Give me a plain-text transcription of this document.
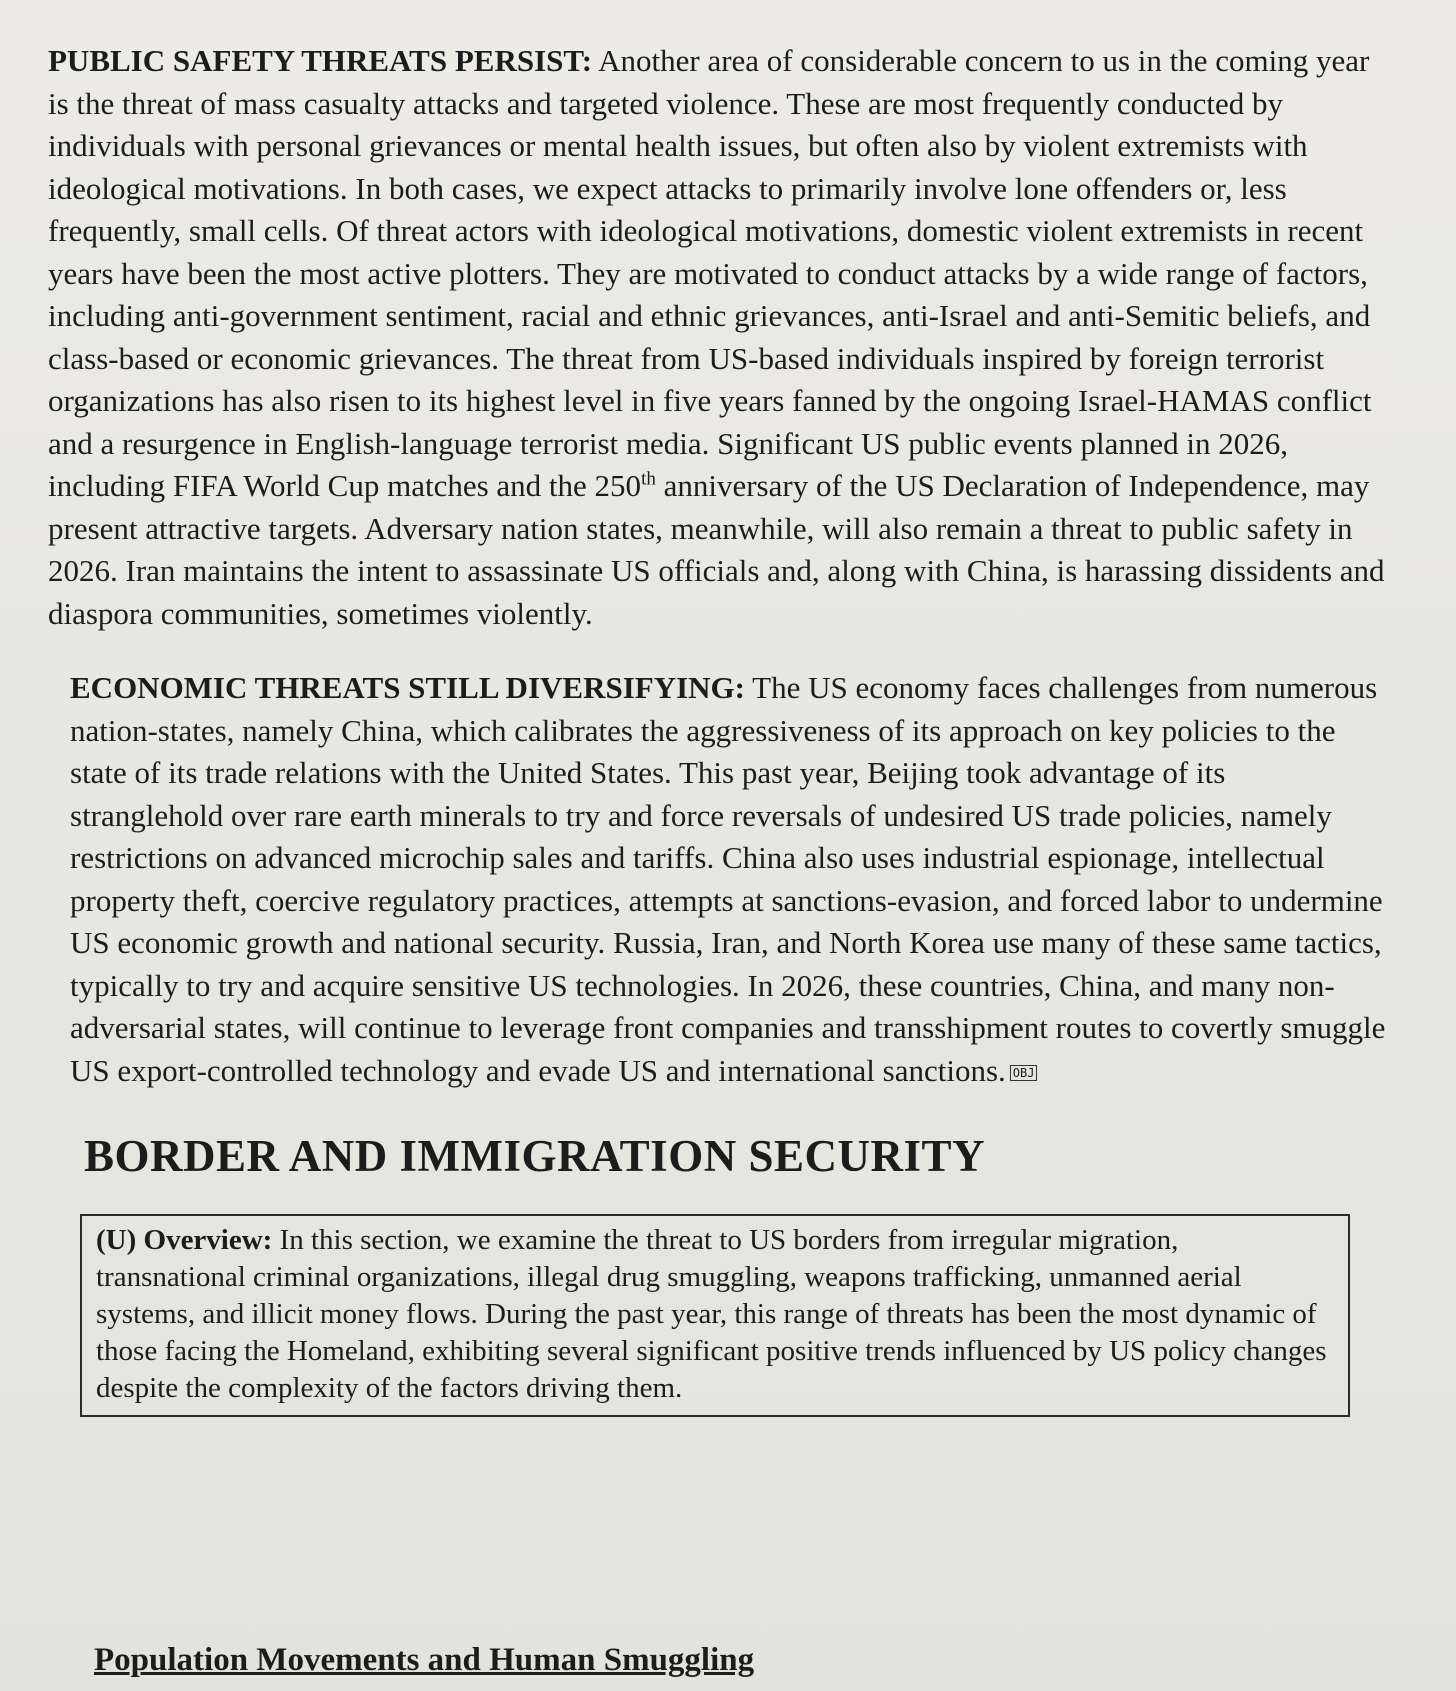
PUBLIC SAFETY THREATS PERSIST: Another area of considerable concern to us in the coming year is the threat of mass casualty attacks and targeted violence. These are most frequently conducted by individuals with personal grievances or mental health issues, but often also by violent extremists with ideological motivations. In both cases, we expect attacks to primarily involve lone offenders or, less frequently, small cells. Of threat actors with ideological motivations, domestic violent extremists in recent years have been the most active plotters. They are motivated to conduct attacks by a wide range of factors, including anti-government sentiment, racial and ethnic grievances, anti-Israel and anti-Semitic beliefs, and class-based or economic grievances. The threat from US-based individuals inspired by foreign terrorist organizations has also risen to its highest level in five years fanned by the ongoing Israel-HAMAS conflict and a resurgence in English-language terrorist media. Significant US public events planned in 2026, including FIFA World Cup matches and the 250th anniversary of the US Declaration of Independence, may present attractive targets. Adversary nation states, meanwhile, will also remain a threat to public safety in 2026. Iran maintains the intent to assassinate US officials and, along with China, is harassing dissidents and diaspora communities, sometimes violently.

ECONOMIC THREATS STILL DIVERSIFYING: The US economy faces challenges from numerous nation-states, namely China, which calibrates the aggressiveness of its approach on key policies to the state of its trade relations with the United States. This past year, Beijing took advantage of its stranglehold over rare earth minerals to try and force reversals of undesired US trade policies, namely restrictions on advanced microchip sales and tariffs. China also uses industrial espionage, intellectual property theft, coercive regulatory practices, attempts at sanctions-evasion, and forced labor to undermine US economic growth and national security. Russia, Iran, and North Korea use many of these same tactics, typically to try and acquire sensitive US technologies. In 2026, these countries, China, and many non-adversarial states, will continue to leverage front companies and transshipment routes to covertly smuggle US export-controlled technology and evade US and international sanctions. OBJ

BORDER AND IMMIGRATION SECURITY
(U) Overview: In this section, we examine the threat to US borders from irregular migration, transnational criminal organizations, illegal drug smuggling, weapons trafficking, unmanned aerial systems, and illicit money flows. During the past year, this range of threats has been the most dynamic of those facing the Homeland, exhibiting several significant positive trends influenced by US policy changes despite the complexity of the factors driving them.
Population Movements and Human Smuggling
